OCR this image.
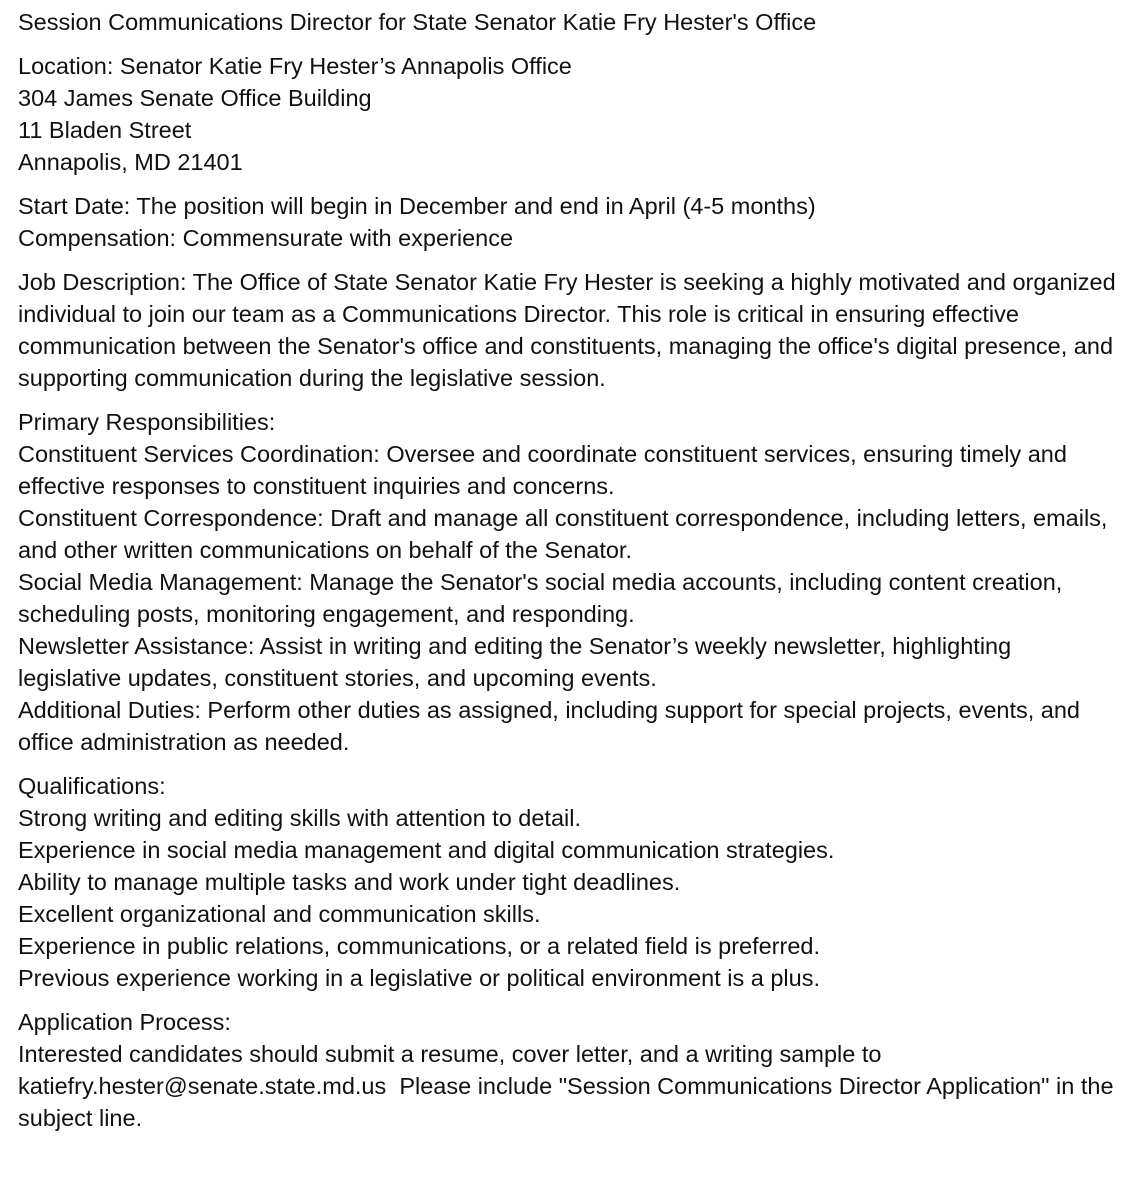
Session Communications Director for State Senator Katie Fry Hester's Office
Location: Senator Katie Fry Hester’s Annapolis Office
304 James Senate Office Building
11 Bladen Street
Annapolis, MD 21401
Start Date: The position will begin in December and end in April (4-5 months)
Compensation: Commensurate with experience

Job Description: The Office of State Senator Katie Fry Hester is seeking a highly motivated and organized individual to join our team as a Communications Director. This role is critical in ensuring effective communication between the Senator's office and constituents, managing the office's digital presence, and supporting communication during the legislative session.

Primary Responsibilities:
Constituent Services Coordination: Oversee and coordinate constituent services, ensuring timely and effective responses to constituent inquiries and concerns.
Constituent Correspondence: Draft and manage all constituent correspondence, including letters, emails, and other written communications on behalf of the Senator.
Social Media Management: Manage the Senator's social media accounts, including content creation, scheduling posts, monitoring engagement, and responding.
Newsletter Assistance: Assist in writing and editing the Senator’s weekly newsletter, highlighting legislative updates, constituent stories, and upcoming events.
Additional Duties: Perform other duties as assigned, including support for special projects, events, and office administration as needed.
Qualifications:
Strong writing and editing skills with attention to detail.
Experience in social media management and digital communication strategies.
Ability to manage multiple tasks and work under tight deadlines.
Excellent organizational and communication skills.
Experience in public relations, communications, or a related field is preferred.
Previous experience working in a legislative or political environment is a plus.
Application Process:
Interested candidates should submit a resume, cover letter, and a writing sample to katiefry.hester@senate.state.md.us  Please include "Session Communications Director Application" in the subject line.
